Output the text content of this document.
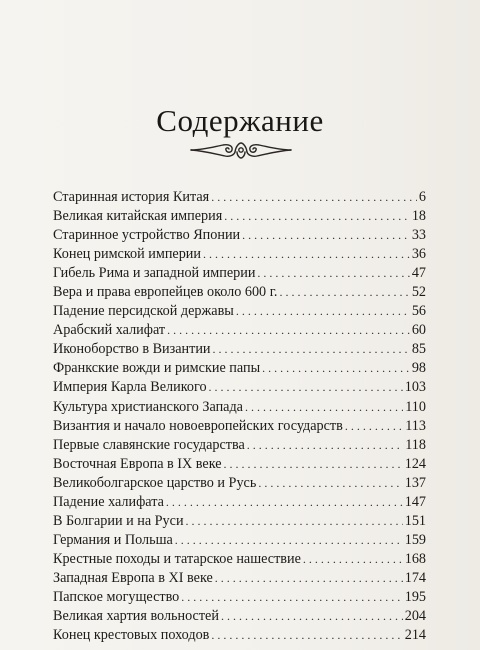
Содержание
Старинная история Китая . . .	6
Великая китайская империя . . .	18
Старинное устройство Японии . . .	33
Конец римской империи . . .	36
Гибель Рима и западной империи . . .	47
Вера и права европейцев около 600 г. . . .	52
Падение персидской державы . . .	56
Арабский халифат . . .	60
Иконоборство в Византии . . .	85
Франкские вожди и римские папы . . .	98
Империя Карла Великого . . .	103
Культура христианского Запада . . .	110
Византия и начало новоевропейских государств . . .	113
Первые славянские государства . . .	118
Восточная Европа в IX веке . . .	124
Великоболгарское царство и Русь . . .	137
Падение халифата . . .	147
В Болгарии и на Руси . . .	151
Германия и Польша . . .	159
Крестные походы и татарское нашествие . . .	168
Западная Европа в XI веке . . .	174
Папское могущество . . .	195
Великая хартия вольностей . . .	204
Конец крестовых походов . . .	214
